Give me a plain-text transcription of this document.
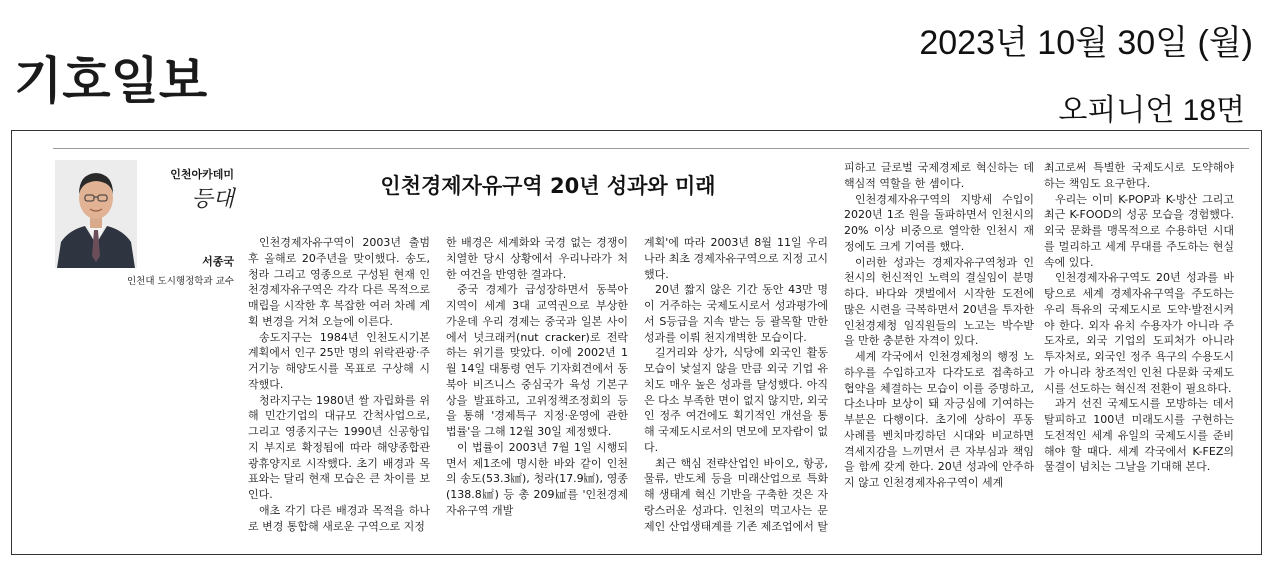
기호일보
2023년 10월 30일 (월)
오피니언 18면
인천아카데미
등대
서종국
인천대 도시행정학과 교수
인천경제자유구역 20년 성과와 미래

인천경제자유구역이 2003년 출범 후 올해로 20주년을 맞이했다. 송도, 청라 그리고 영종으로 구성된 현재 인천경제자유구역은 각각 다른 목적으로 매립을 시작한 후 복잡한 여러 차례 계획 변경을 거쳐 오늘에 이른다.

송도지구는 1984년 인천도시기본계획에서 인구 25만 명의 위락관광·주거기능 해양도시를 목표로 구상해 시작했다.

청라지구는 1980년 쌀 자립화를 위해 민간기업의 대규모 간척사업으로, 그리고 영종지구는 1990년 신공항입지 부지로 확정됨에 따라 해양종합관광휴양지로 시작했다. 초기 배경과 목표와는 달리 현재 모습은 큰 차이를 보인다.

애초 각기 다른 배경과 목적을 하나로 변경 통합해 새로운 구역으로 지정

한 배경은 세계화와 국경 없는 경쟁이 치열한 당시 상황에서 우리나라가 처한 여건을 반영한 결과다.

중국 경제가 급성장하면서 동북아 지역이 세계 3대 교역권으로 부상한 가운데 우리 경제는 중국과 일본 사이에서 넛크래커(nut cracker)로 전락하는 위기를 맞았다. 이에 2002년 1월 14일 대통령 연두 기자회견에서 동북아 비즈니스 중심국가 육성 기본구상을 발표하고, 고위정책조정회의 등을 통해 '경제특구 지정·운영에 관한 법률'을 그해 12월 30일 제정했다.

이 법률이 2003년 7월 1일 시행되면서 제1조에 명시한 바와 같이 인천의 송도(53.3㎢), 청라(17.9㎢), 영종(138.8㎢) 등 총 209㎢를 '인천경제자유구역 개발

계획'에 따라 2003년 8월 11일 우리나라 최초 경제자유구역으로 지정 고시했다.

20년 짧지 않은 기간 동안 43만 명이 거주하는 국제도시로서 성과평가에서 S등급을 지속 받는 등 괄목할 만한 성과를 이뤄 천지개벽한 모습이다.

길거리와 상가, 식당에 외국인 활동 모습이 낯설지 않을 만큼 외국 기업 유치도 매우 높은 성과를 달성했다. 아직은 다소 부족한 면이 없지 않지만, 외국인 정주 여건에도 획기적인 개선을 통해 국제도시로서의 면모에 모자람이 없다.

최근 핵심 전략산업인 바이오, 항공, 물류, 반도체 등을 미래산업으로 특화해 생태계 혁신 기반을 구축한 것은 자랑스러운 성과다. 인천의 먹고사는 문제인 산업생태계를 기존 제조업에서 탈

피하고 글로벌 국제경제로 혁신하는 데 핵심적 역할을 한 셈이다.

인천경제자유구역의 지방세 수입이 2020년 1조 원을 돌파하면서 인천시의 20% 이상 비중으로 열악한 인천시 재정에도 크게 기여를 했다.

이러한 성과는 경제자유구역청과 인천시의 헌신적인 노력의 결실임이 분명하다. 바다와 갯벌에서 시작한 도전에 많은 시련을 극복하면서 20년을 투자한 인천경제청 임직원들의 노고는 박수받을 만한 충분한 자격이 있다.

세계 각국에서 인천경제청의 행정 노하우를 수입하고자 다각도로 접촉하고 협약을 체결하는 모습이 이를 증명하고, 다소나마 보상이 돼 자긍심에 기여하는 부분은 다행이다. 초기에 상하이 푸동 사례를 벤치마킹하던 시대와 비교하면 격세지감을 느끼면서 큰 자부심과 책임을 함께 갖게 한다. 20년 성과에 안주하지 않고 인천경제자유구역이 세계

최고로써 특별한 국제도시로 도약해야 하는 책임도 요구한다.

우리는 이미 K-POP과 K-방산 그리고 최근 K-FOOD의 성공 모습을 경험했다. 외국 문화를 맹목적으로 수용하던 시대를 멀리하고 세계 무대를 주도하는 현실 속에 있다.

인천경제자유구역도 20년 성과를 바탕으로 세계 경제자유구역을 주도하는 우리 특유의 국제도시로 도약·발전시켜야 한다. 외자 유치 수용자가 아니라 주도자로, 외국 기업의 도피처가 아니라 투자처로, 외국인 정주 욕구의 수용도시가 아니라 창조적인 인천 다문화 국제도시를 선도하는 혁신적 전환이 필요하다.

과거 선진 국제도시를 모방하는 데서 탈피하고 100년 미래도시를 구현하는 도전적인 세계 유일의 국제도시를 준비해야 할 때다. 세계 각국에서 K-FEZ의 물결이 넘치는 그날을 기대해 본다.
